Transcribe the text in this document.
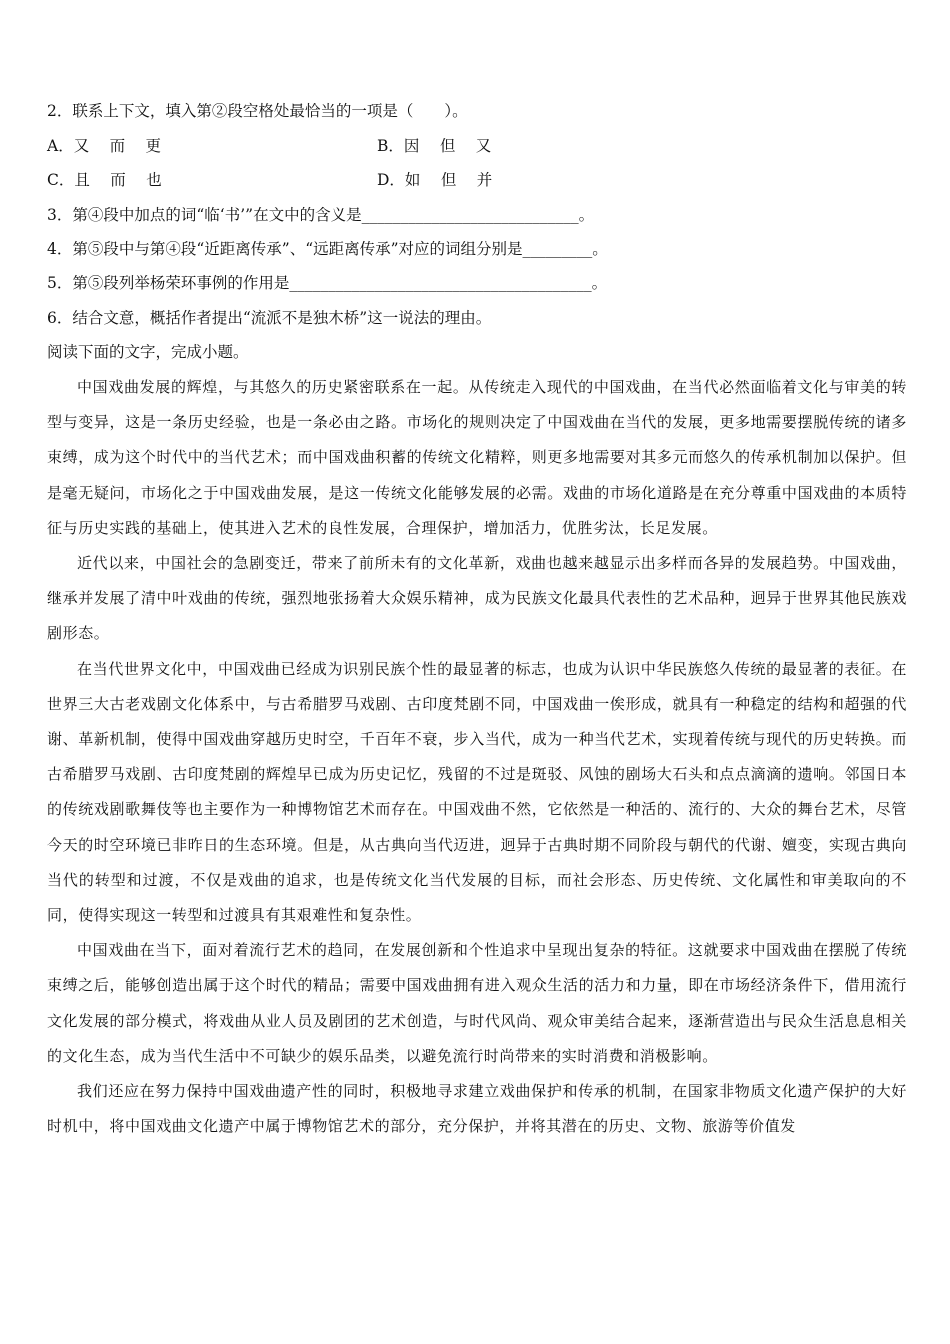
2．联系上下文，填入第②段空格处最恰当的一项是（　　）。
A．又　 而　 更	B．因　 但　 又
C．且　 而　 也	D．如　 但　 并
3．第④段中加点的词“临‘书’”在文中的含义是____________________________。
4．第⑤段中与第④段“近距离传承”、“远距离传承”对应的词组分别是_________。
5．第⑤段列举杨荣环事例的作用是_______________________________________。
6．结合文意，概括作者提出“流派不是独木桥”这一说法的理由。
阅读下面的文字，完成小题。

中国戏曲发展的辉煌，与其悠久的历史紧密联系在一起。从传统走入现代的中国戏曲，在当代必然面临着文化与审美的转型与变异，这是一条历史经验，也是一条必由之路。市场化的规则决定了中国戏曲在当代的发展，更多地需要摆脱传统的诸多束缚，成为这个时代中的当代艺术；而中国戏曲积蓄的传统文化精粹，则更多地需要对其多元而悠久的传承机制加以保护。但是毫无疑问，市场化之于中国戏曲发展，是这一传统文化能够发展的必需。戏曲的市场化道路是在充分尊重中国戏曲的本质特征与历史实践的基础上，使其进入艺术的良性发展，合理保护，增加活力，优胜劣汰，长足发展。

近代以来，中国社会的急剧变迁，带来了前所未有的文化革新，戏曲也越来越显示出多样而各异的发展趋势。中国戏曲，继承并发展了清中叶戏曲的传统，强烈地张扬着大众娱乐精神，成为民族文化最具代表性的艺术品种，迥异于世界其他民族戏剧形态。

在当代世界文化中，中国戏曲已经成为识别民族个性的最显著的标志，也成为认识中华民族悠久传统的最显著的表征。在世界三大古老戏剧文化体系中，与古希腊罗马戏剧、古印度梵剧不同，中国戏曲一俟形成，就具有一种稳定的结构和超强的代谢、革新机制，使得中国戏曲穿越历史时空，千百年不衰，步入当代，成为一种当代艺术，实现着传统与现代的历史转换。而古希腊罗马戏剧、古印度梵剧的辉煌早已成为历史记忆，残留的不过是斑驳、风蚀的剧场大石头和点点滴滴的遗响。邻国日本的传统戏剧歌舞伎等也主要作为一种博物馆艺术而存在。中国戏曲不然，它依然是一种活的、流行的、大众的舞台艺术，尽管今天的时空环境已非昨日的生态环境。但是，从古典向当代迈进，迥异于古典时期不同阶段与朝代的代谢、嬗变，实现古典向当代的转型和过渡，不仅是戏曲的追求，也是传统文化当代发展的目标，而社会形态、历史传统、文化属性和审美取向的不同，使得实现这一转型和过渡具有其艰难性和复杂性。

中国戏曲在当下，面对着流行艺术的趋同，在发展创新和个性追求中呈现出复杂的特征。这就要求中国戏曲在摆脱了传统束缚之后，能够创造出属于这个时代的精品；需要中国戏曲拥有进入观众生活的活力和力量，即在市场经济条件下，借用流行文化发展的部分模式，将戏曲从业人员及剧团的艺术创造，与时代风尚、观众审美结合起来，逐渐营造出与民众生活息息相关的文化生态，成为当代生活中不可缺少的娱乐品类，以避免流行时尚带来的实时消费和消极影响。

我们还应在努力保持中国戏曲遗产性的同时，积极地寻求建立戏曲保护和传承的机制，在国家非物质文化遗产保护的大好时机中，将中国戏曲文化遗产中属于博物馆艺术的部分，充分保护，并将其潜在的历史、文物、旅游等价值发
